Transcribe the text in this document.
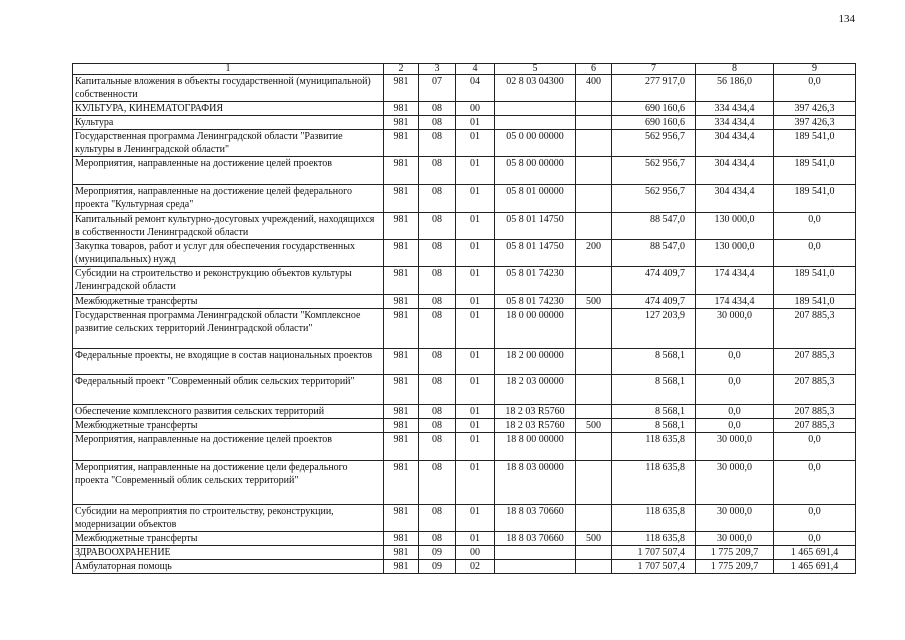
134
1	2	3	4	5	6	7	8	9
Капитальные вложения в объекты государственной (муниципальной) собственности	981	07	04	02 8 03 04300	400	277 917,0	56 186,0	0,0
КУЛЬТУРА, КИНЕМАТОГРАФИЯ	981	08	00			690 160,6	334 434,4	397 426,3
Культура	981	08	01			690 160,6	334 434,4	397 426,3
Государственная программа Ленинградской области "Развитие культуры в Ленинградской области"	981	08	01	05 0 00 00000		562 956,7	304 434,4	189 541,0
Мероприятия, направленные на достижение целей проектов	981	08	01	05 8 00 00000		562 956,7	304 434,4	189 541,0
Мероприятия, направленные на достижение целей федерального проекта "Культурная среда"	981	08	01	05 8 01 00000		562 956,7	304 434,4	189 541,0
Капитальный ремонт культурно-досуговых учреждений, находящихся в собственности Ленинградской области	981	08	01	05 8 01 14750		88 547,0	130 000,0	0,0
Закупка товаров, работ и услуг для обеспечения государственных (муниципальных) нужд	981	08	01	05 8 01 14750	200	88 547,0	130 000,0	0,0
Субсидии на строительство и реконструкцию объектов культуры Ленинградской области	981	08	01	05 8 01 74230		474 409,7	174 434,4	189 541,0
Межбюджетные трансферты	981	08	01	05 8 01 74230	500	474 409,7	174 434,4	189 541,0
Государственная программа Ленинградской области "Комплексное развитие сельских территорий Ленинградской области"	981	08	01	18 0 00 00000		127 203,9	30 000,0	207 885,3
Федеральные проекты, не входящие в состав национальных проектов	981	08	01	18 2 00 00000		8 568,1	0,0	207 885,3
Федеральный проект "Современный облик сельских территорий"	981	08	01	18 2 03 00000		8 568,1	0,0	207 885,3
Обеспечение комплексного развития сельских территорий	981	08	01	18 2 03 R5760		8 568,1	0,0	207 885,3
Межбюджетные трансферты	981	08	01	18 2 03 R5760	500	8 568,1	0,0	207 885,3
Мероприятия, направленные на достижение целей проектов	981	08	01	18 8 00 00000		118 635,8	30 000,0	0,0
Мероприятия, направленные на достижение цели федерального проекта "Современный облик сельских территорий"	981	08	01	18 8 03 00000		118 635,8	30 000,0	0,0
Субсидии на мероприятия по строительству, реконструкции, модернизации объектов	981	08	01	18 8 03 70660		118 635,8	30 000,0	0,0
Межбюджетные трансферты	981	08	01	18 8 03 70660	500	118 635,8	30 000,0	0,0
ЗДРАВООХРАНЕНИЕ	981	09	00			1 707 507,4	1 775 209,7	1 465 691,4
Амбулаторная помощь	981	09	02			1 707 507,4	1 775 209,7	1 465 691,4
